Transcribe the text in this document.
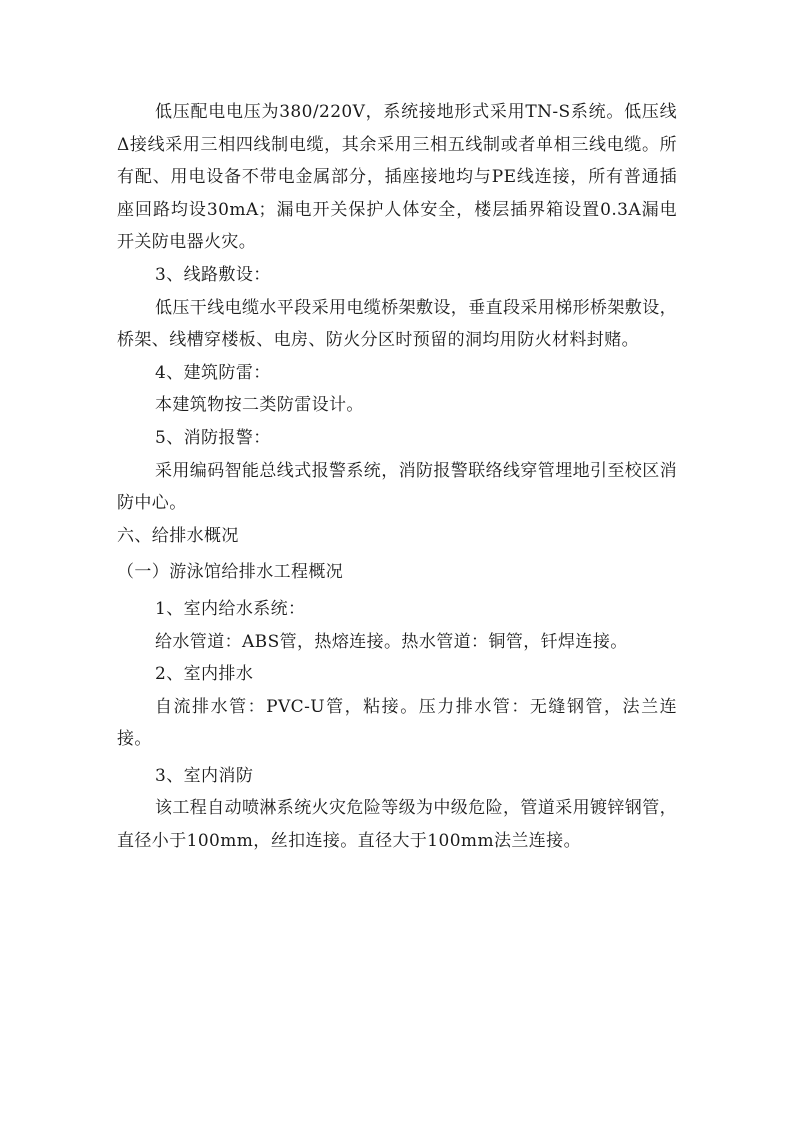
低压配电电压为380/220V，系统接地形式采用TN-S系统。低压线Δ接线采用三相四线制电缆，其余采用三相五线制或者单相三线电缆。所有配、用电设备不带电金属部分，插座接地均与PE线连接，所有普通插座回路均设30mA；漏电开关保护人体安全，楼层插界箱设置0.3A漏电开关防电器火灾。

3、线路敷设：

低压干线电缆水平段采用电缆桥架敷设，垂直段采用梯形桥架敷设，桥架、线槽穿楼板、电房、防火分区时预留的洞均用防火材料封赌。

4、建筑防雷：

本建筑物按二类防雷设计。

5、消防报警：

采用编码智能总线式报警系统，消防报警联络线穿管埋地引至校区消防中心。

六、给排水概况

（一）游泳馆给排水工程概况

1、室内给水系统：

给水管道：ABS管，热熔连接。热水管道：铜管，钎焊连接。

2、室内排水

自流排水管：PVC-U管，粘接。压力排水管：无缝钢管，法兰连接。

3、室内消防

该工程自动喷淋系统火灾危险等级为中级危险，管道采用镀锌钢管，直径小于100mm，丝扣连接。直径大于100mm法兰连接。
